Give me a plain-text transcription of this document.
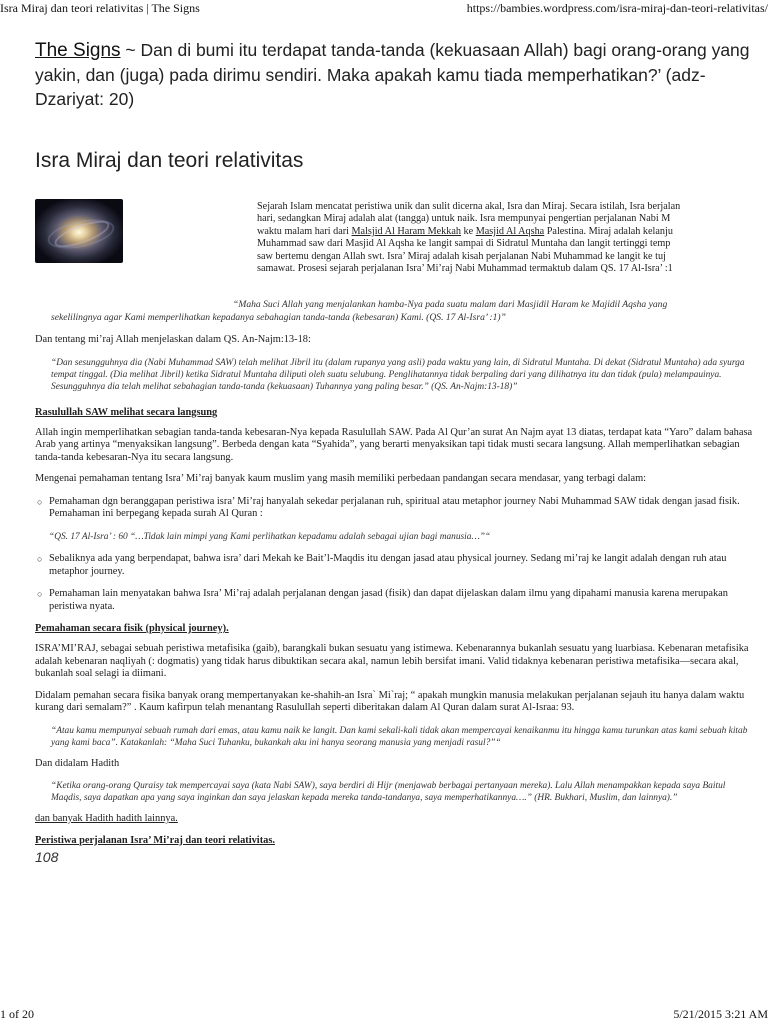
Isra Miraj dan teori relativitas | The Signs	https://bambies.wordpress.com/isra-miraj-dan-teori-relativitas/

The Signs ~ Dan di bumi itu terdapat tanda-tanda (kekuasaan Allah) bagi orang-orang yang yakin, dan (juga) pada dirimu sendiri. Maka apakah kamu tiada memperhatikan?’ (adz-Dzariyat: 20)

Isra Miraj dan teori relativitas
Sejarah Islam mencatat peristiwa unik dan sulit dicerna akal, Isra dan Miraj. Secara istilah, Isra berjalan
hari, sedangkan Miraj adalah alat (tangga) untuk naik. Isra mempunyai pengertian perjalanan Nabi M
waktu malam hari dari Malsjid Al Haram Mekkah ke Masjid Al Aqsha Palestina. Miraj adalah kelanju
Muhammad saw dari Masjid Al Aqsha ke langit sampai di Sidratul Muntaha dan langit tertinggi temp
saw bertemu dengan Allah swt. Isra’ Miraj adalah kisah perjalanan Nabi Muhammad ke langit ke tuj
samawat. Prosesi sejarah perjalanan Isra’ Mi’raj Nabi Muhammad termaktub dalam QS. 17 Al-Isra’ :1
“Maha Suci Allah yang menjalankan hamba-Nya pada suatu malam dari Masjidil Haram ke Majidil Aqsha yang
sekelilingnya agar Kami memperlihatkan kepadanya sebahagian tanda-tanda (kebesaran) Kami. (QS. 17 Al-Isra’ :1)”

Dan tentang mi’raj Allah menjelaskan dalam QS. An-Najm:13-18:

“Dan sesungguhnya dia (Nabi Muhammad SAW) telah melihat Jibril itu (dalam rupanya yang asli) pada waktu yang lain, di Sidratul Muntaha. Di dekat (Sidratul Muntaha) ada syurga tempat tinggal. (Dia melihat Jibril) ketika Sidratul Muntaha diliputi oleh suatu selubung. Penglihatannya tidak berpaling dari yang dilihatnya itu dan tidak (pula) melampauinya. Sesungguhnya dia telah melihat sebahagian tanda-tanda (kekuasaan) Tuhannya yang paling besar.” (QS. An-Najm:13-18)”

Rasulullah SAW melihat secara langsung

Allah ingin memperlihatkan sebagian tanda-tanda kebesaran-Nya kepada Rasulullah SAW. Pada Al Qur’an surat An Najm ayat 13 diatas, terdapat kata “Yaro” dalam bahasa Arab yang artinya “menyaksikan langsung”. Berbeda dengan kata “Syahida”, yang berarti menyaksikan tapi tidak musti secara langsung. Allah memperlihatkan sebagian tanda-tanda kebesaran-Nya itu secara langsung.

Mengenai pemahaman tentang Isra’ Mi’raj banyak kaum muslim yang masih memiliki perbedaan pandangan secara mendasar, yang terbagi dalam:

○ Pemahaman dgn beranggapan peristiwa isra’ Mi’raj hanyalah sekedar perjalanan ruh, spiritual atau metaphor journey Nabi Muhammad SAW tidak dengan jasad fisik. Pemahaman ini berpegang kepada surah Al Quran :
“QS. 17 Al-Isra’ : 60 “…Tidak lain mimpi yang Kami perlihatkan kepadamu adalah sebagai ujian bagi manusia…”“
○ Sebaliknya ada yang berpendapat, bahwa isra’ dari Mekah ke Bait’l-Maqdis itu dengan jasad atau physical journey. Sedang mi’raj ke langit adalah dengan ruh atau metaphor journey.
○ Pemahaman lain menyatakan bahwa Isra’ Mi’raj adalah perjalanan dengan jasad (fisik) dan dapat dijelaskan dalam ilmu yang dipahami manusia karena merupakan peristiwa nyata.

Pemahaman secara fisik (physical journey).

ISRA’MI’RAJ, sebagai sebuah peristiwa metafisika (gaib), barangkali bukan sesuatu yang istimewa. Kebenarannya bukanlah sesuatu yang luarbiasa. Kebenaran metafisika adalah kebenaran naqliyah (: dogmatis) yang tidak harus dibuktikan secara akal, namun lebih bersifat imani. Valid tidaknya kebenaran peristiwa metafisika—secara akal, bukanlah soal selagi ia diimani.

Didalam pemahan secara fisika banyak orang mempertanyakan ke-shahih-an Isra` Mi`raj; “ apakah mungkin manusia melakukan perjalanan sejauh itu hanya dalam waktu kurang dari semalam?” . Kaum kafirpun telah menantang Rasulullah seperti diberitakan dalam Al Quran dalam surat Al-Israa: 93.

“Atau kamu mempunyai sebuah rumah dari emas, atau kamu naik ke langit. Dan kami sekali-kali tidak akan mempercayai kenaikanmu itu hingga kamu turunkan atas kami sebuah kitab yang kami baca”. Katakanlah: “Maha Suci Tuhanku, bukankah aku ini hanya seorang manusia yang menjadi rasul?”“

Dan didalam Hadith

“Ketika orang-orang Quraisy tak mempercayai saya (kata Nabi SAW), saya berdiri di Hijr (menjawab berbagai pertanyaan mereka). Lalu Allah menampakkan kepada saya Baitul Maqdis, saya dapatkan apa yang saya inginkan dan saya jelaskan kepada mereka tanda-tandanya, saya memperhatikannya….” (HR. Bukhari, Muslim, dan lainnya).”

dan banyak Hadith hadith lainnya.

Peristiwa perjalanan Isra’ Mi’raj dan teori relativitas.

108
1 of 20	5/21/2015 3:21 AM
